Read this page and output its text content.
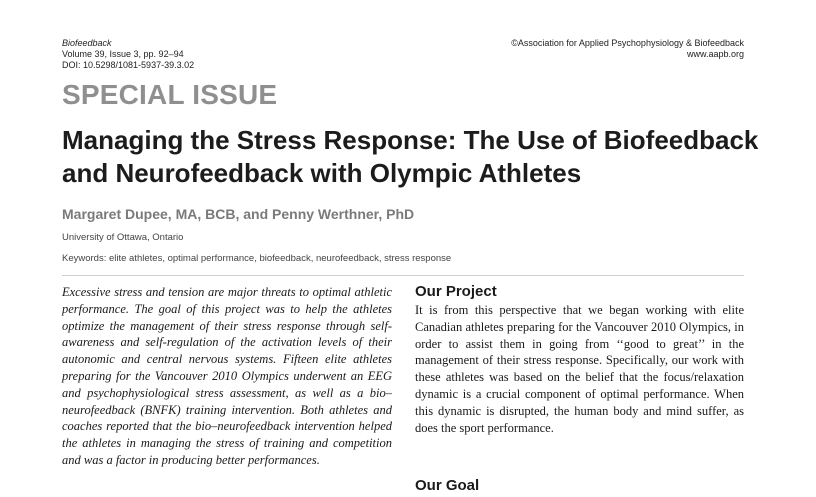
Biofeedback
Volume 39, Issue 3, pp. 92–94
DOI: 10.5298/1081-5937-39.3.02
©Association for Applied Psychophysiology & Biofeedback
www.aapb.org
SPECIAL ISSUE
Managing the Stress Response: The Use of Biofeedback and Neurofeedback with Olympic Athletes
Margaret Dupee, MA, BCB, and Penny Werthner, PhD
University of Ottawa, Ontario
Keywords: elite athletes, optimal performance, biofeedback, neurofeedback, stress response
Excessive stress and tension are major threats to optimal athletic performance. The goal of this project was to help the athletes optimize the management of their stress response through self-awareness and self-regulation of the activation levels of their autonomic and central nervous systems. Fifteen elite athletes preparing for the Vancouver 2010 Olympics underwent an EEG and psychophysiological stress assessment, as well as a bio–neurofeedback (BNFK) training intervention. Both athletes and coaches reported that the bio–neurofeedback intervention helped the athletes in managing the stress of training and competition and was a factor in producing better performances.
Our Project
It is from this perspective that we began working with elite Canadian athletes preparing for the Vancouver 2010 Olympics, in order to assist them in going from ‘‘good to great’’ in the management of their stress response. Specifically, our work with these athletes was based on the belief that the focus/relaxation dynamic is a crucial component of optimal performance. When this dynamic is disrupted, the human body and mind suffer, as does the sport performance.
Our Goal
